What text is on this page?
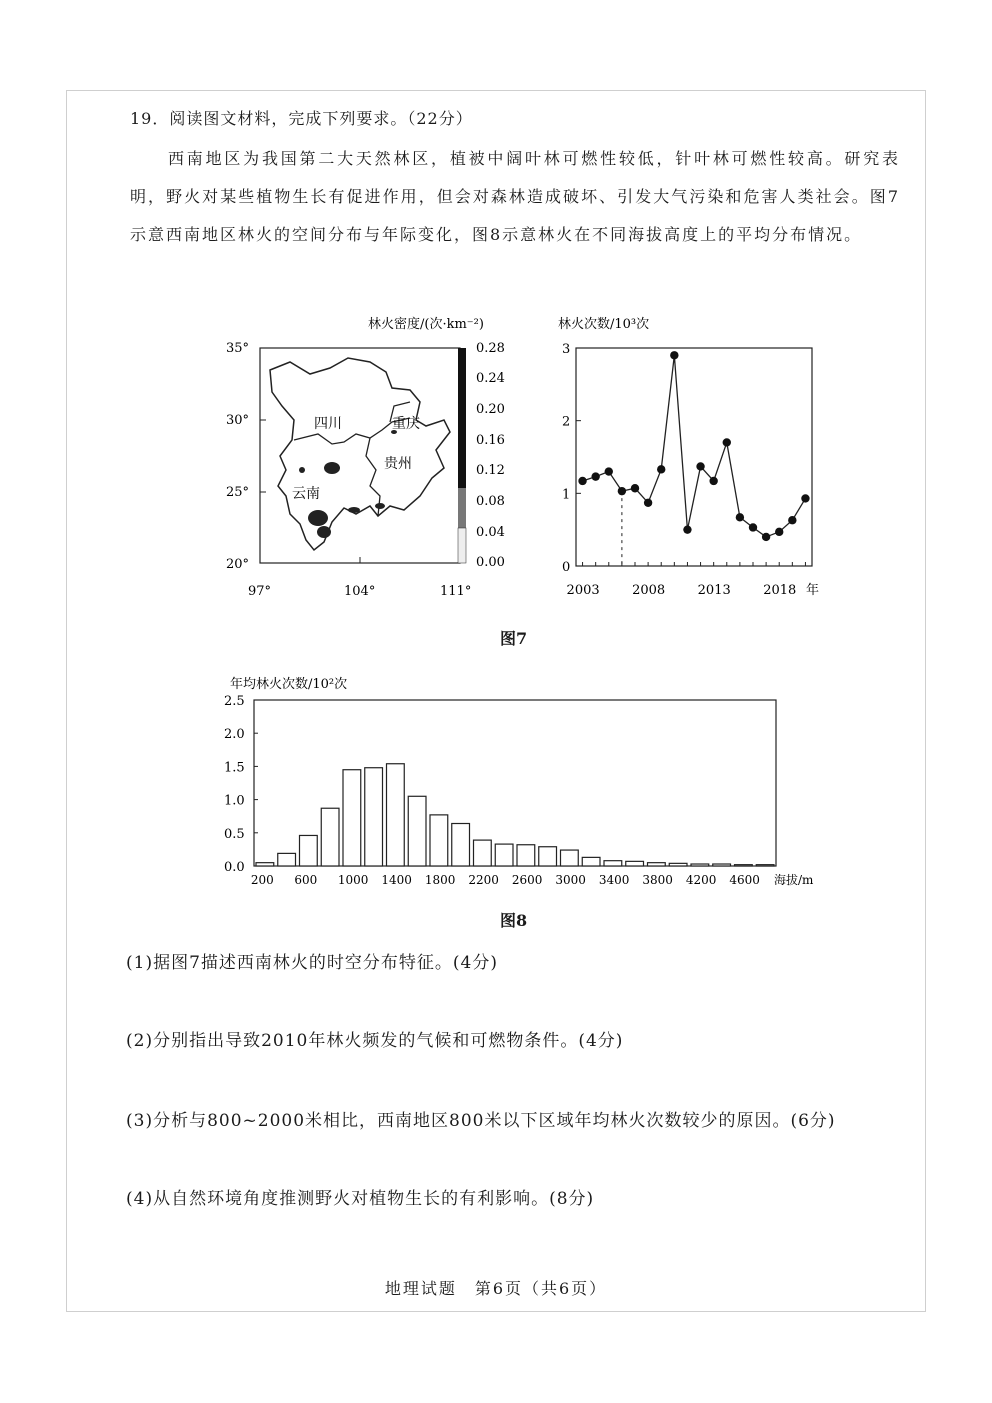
19．阅读图文材料，完成下列要求。（22分）
西南地区为我国第二大天然林区，植被中阔叶林可燃性较低，针叶林可燃性较高。研究表明，野火对某些植物生长有促进作用，但会对森林造成破坏、引发大气污染和危害人类社会。图7示意西南地区林火的空间分布与年际变化，图8示意林火在不同海拔高度上的平均分布情况。
林火密度/(次·km⁻²)
35°
30°
25°
20°
97°	104°	111°
四川	重庆
贵州
云南
0.28
0.24
0.20
0.16
0.12
0.08
0.04
0.00
林火次数/10³次
0
1
2
3
2003 2008 2013 2018 年
图7
年均林火次数/10²次
0.0
0.5
1.0
1.5
2.0
2.5
200 600 1000 1400 1800 2200 2600 3000 3400 3800 4200 4600 海拔/m
图8
(1)据图7描述西南林火的时空分布特征。(4分)
(2)分别指出导致2010年林火频发的气候和可燃物条件。(4分)
(3)分析与800~2000米相比，西南地区800米以下区域年均林火次数较少的原因。(6分)
(4)从自然环境角度推测野火对植物生长的有利影响。(8分)
地理试题　第6页（共6页）
